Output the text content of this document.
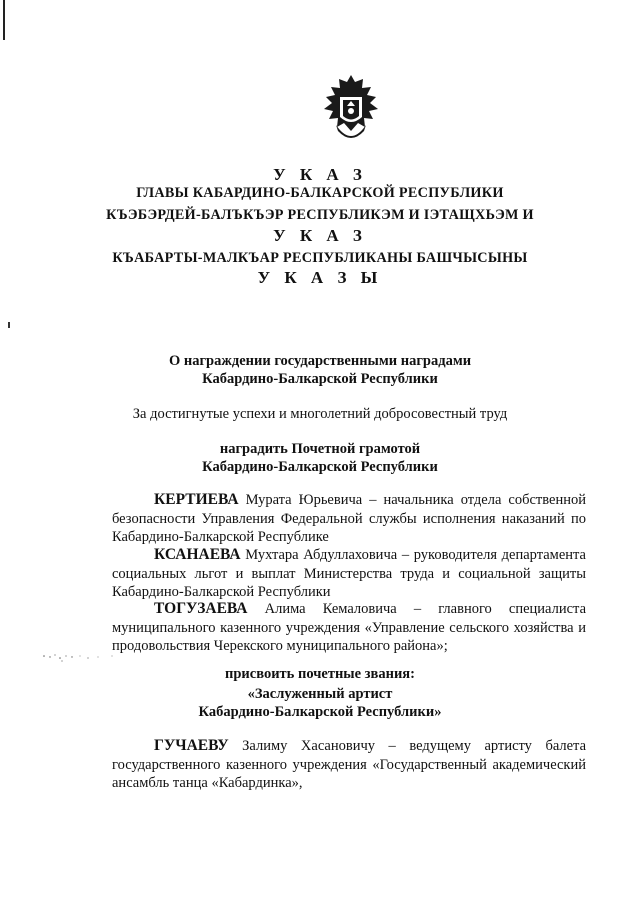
У К А З
ГЛАВЫ КАБАРДИНО-БАЛКАРСКОЙ РЕСПУБЛИКИ
КЪЭБЭРДЕЙ-БАЛЪКЪЭР РЕСПУБЛИКЭМ И ІЭТАЩХЬЭМ И
У К А З
КЪАБАРТЫ-МАЛКЪАР РЕСПУБЛИКАНЫ БАШЧЫСЫНЫ
У К А З Ы
О награждении государственными наградами
Кабардино-Балкарской Республики
За достигнутые успехи и многолетний добросовестный труд
наградить Почетной грамотой
Кабардино-Балкарской Республики
КЕРТИЕВА Мурата Юрьевича – начальника отдела собственной безопасности Управления Федеральной службы исполнения наказаний по Кабардино-Балкарской Республике
КСАНАЕВА Мухтара Абдуллаховича – руководителя департамента социальных льгот и выплат Министерства труда и социальной защиты Кабардино-Балкарской Республики
ТОГУЗАЕВА Алима Кемаловича – главного специалиста муниципального казенного учреждения «Управление сельского хозяйства и продовольствия Черекского муниципального района»;
присвоить почетные звания:
«Заслуженный артист
Кабардино-Балкарской Республики»
ГУЧАЕВУ Залиму Хасановичу – ведущему артисту балета государственного казенного учреждения «Государственный академический ансамбль танца «Кабардинка»,
